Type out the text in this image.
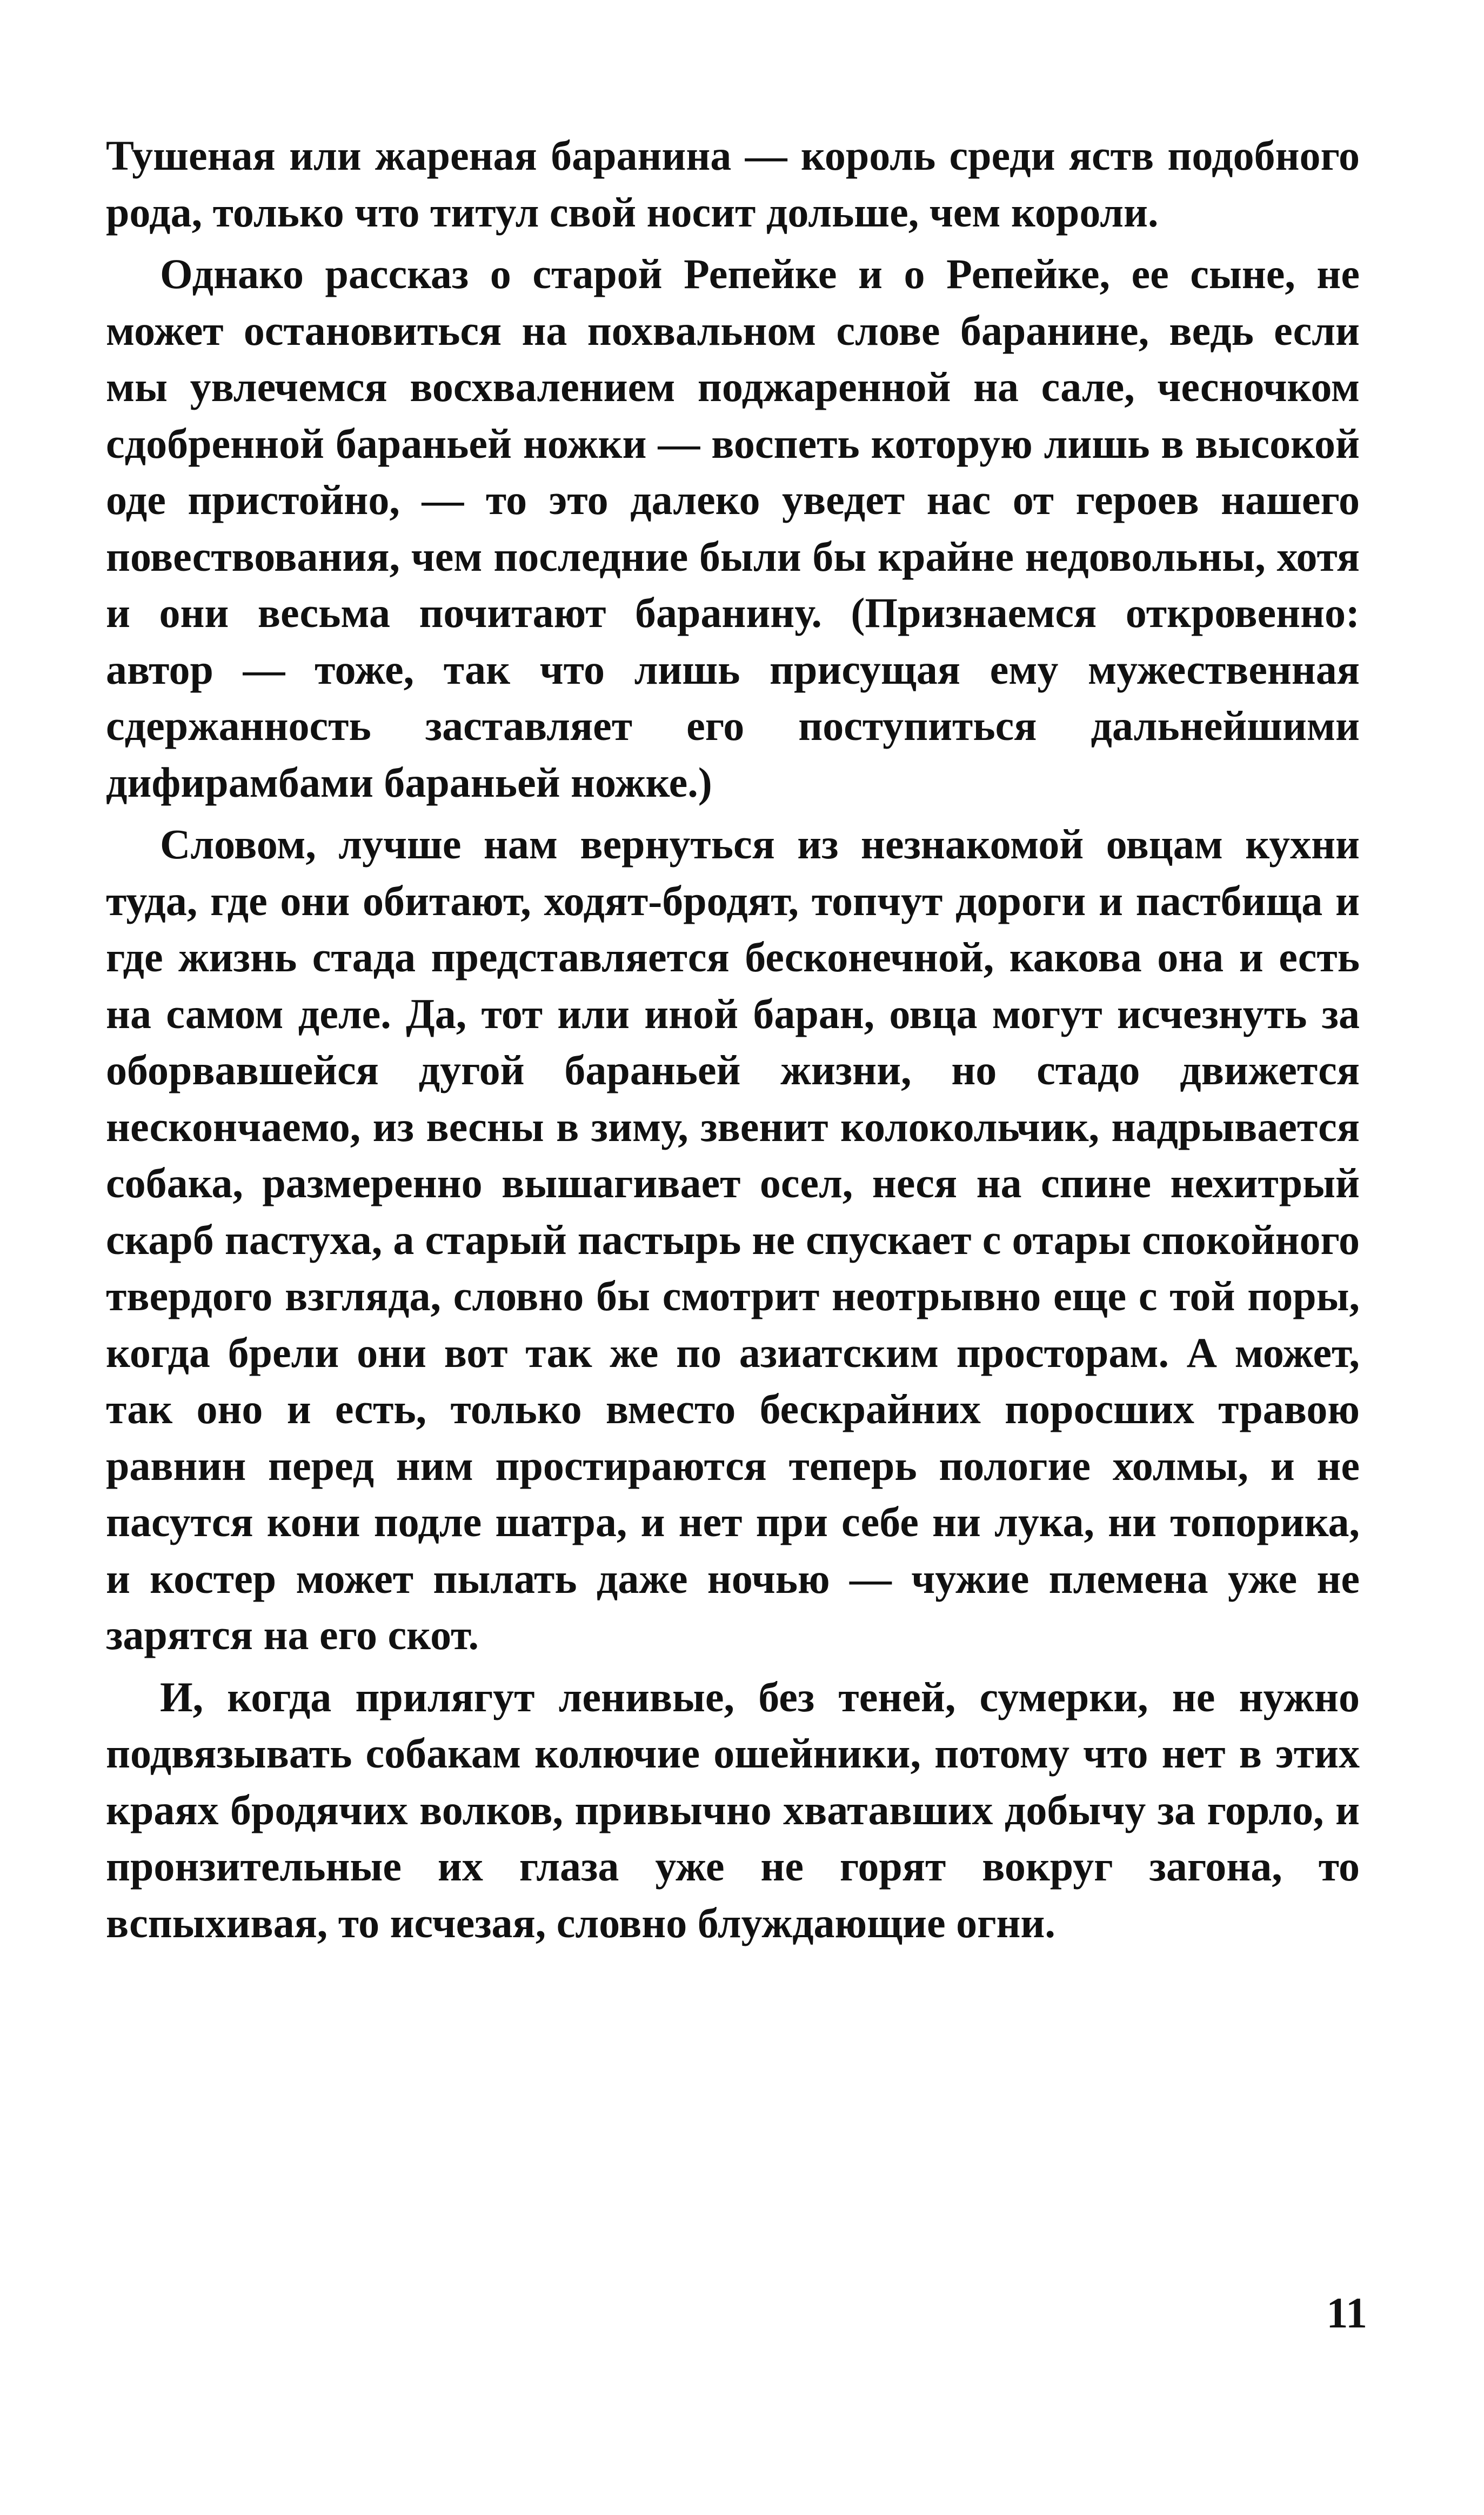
Тушеная или жареная баранина — король среди яств подобного рода, только что титул свой носит дольше, чем короли.

Однако рассказ о старой Репейке и о Репейке, ее сыне, не может остановиться на похвальном слове баранине, ведь если мы увлечемся восхвалением поджаренной на сале, чесночком сдобренной бараньей ножки — воспеть которую лишь в высокой оде пристойно, — то это далеко уведет нас от героев нашего повествования, чем последние были бы крайне недовольны, хотя и они весьма почитают баранину. (Признаемся откровенно: автор — тоже, так что лишь присущая ему мужественная сдержанность заставляет его поступиться дальнейшими дифирамбами бараньей ножке.)

Словом, лучше нам вернуться из незнакомой овцам кухни туда, где они обитают, ходят-бродят, топчут дороги и пастбища и где жизнь стада представляется бесконечной, какова она и есть на самом деле. Да, тот или иной баран, овца могут исчезнуть за оборвавшейся дугой бараньей жизни, но стадо движется нескончаемо, из весны в зиму, звенит колокольчик, надрывается собака, размеренно вышагивает осел, неся на спине нехитрый скарб пастуха, а старый пастырь не спускает с отары спокойного твердого взгляда, словно бы смотрит неотрывно еще с той поры, когда брели они вот так же по азиатским просторам. А может, так оно и есть, только вместо бескрайних поросших травою равнин перед ним простираются теперь пологие холмы, и не пасутся кони подле шатра, и нет при себе ни лука, ни топорика, и костер может пылать даже ночью — чужие племена уже не зарятся на его скот.

И, когда прилягут ленивые, без теней, сумерки, не нужно подвязывать собакам колючие ошейники, потому что нет в этих краях бродячих волков, привычно хватавших добычу за горло, и пронзительные их глаза уже не горят вокруг загона, то вспыхивая, то исчезая, словно блуждающие огни.

11
